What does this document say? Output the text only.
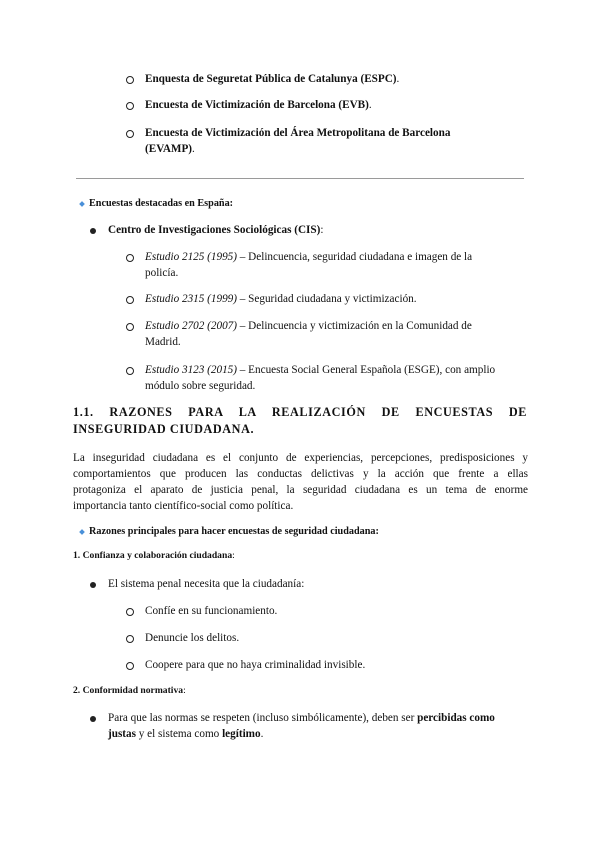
Enquesta de Seguretat Pública de Catalunya (ESPC).
Encuesta de Victimización de Barcelona (EVB).
Encuesta de Victimización del Área Metropolitana de Barcelona
(EVAMP).
Encuestas destacadas en España:
Centro de Investigaciones Sociológicas (CIS):
Estudio 2125 (1995) – Delincuencia, seguridad ciudadana e imagen de la
policía.
Estudio 2315 (1999) – Seguridad ciudadana y victimización.
Estudio 2702 (2007) – Delincuencia y victimización en la Comunidad de
Madrid.
Estudio 3123 (2015) – Encuesta Social General Española (ESGE), con amplio
módulo sobre seguridad.
1.1. RAZONES PARA LA REALIZACIÓN DE ENCUESTAS DE
INSEGURIDAD CIUDADANA.
La inseguridad ciudadana es el conjunto de experiencias, percepciones, predisposiciones y
comportamientos que producen las conductas delictivas y la acción que frente a ellas
protagoniza el aparato de justicia penal, la seguridad ciudadana es un tema de enorme
importancia tanto científico-social como política.
Razones principales para hacer encuestas de seguridad ciudadana:
1. Confianza y colaboración ciudadana:
El sistema penal necesita que la ciudadanía:
Confíe en su funcionamiento.
Denuncie los delitos.
Coopere para que no haya criminalidad invisible.
2. Conformidad normativa:
Para que las normas se respeten (incluso simbólicamente), deben ser percibidas como
justas y el sistema como legítimo.
